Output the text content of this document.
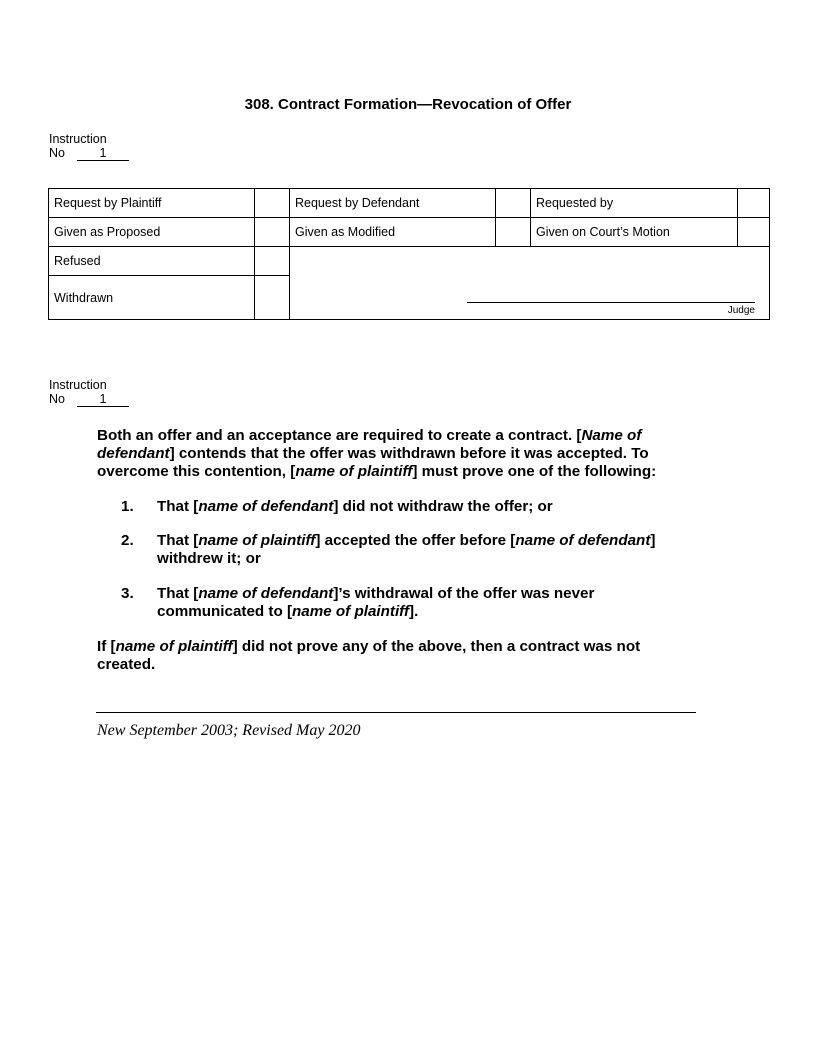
308. Contract Formation—Revocation of Offer
Instruction
No	1
Request by Plaintiff		Request by Defendant		Requested by	
Given as Proposed		Given as Modified		Given on Court’s Motion	
Refused		Judge			

Withdrawn					
Instruction
No	1
Both an offer and an acceptance are required to create a contract. [Name of defendant] contends that the offer was withdrawn before it was accepted. To overcome this contention, [name of plaintiff] must prove one of the following:
1. That [name of defendant] did not withdraw the offer; or
2. That [name of plaintiff] accepted the offer before [name of defendant] withdrew it; or
3. That [name of defendant]’s withdrawal of the offer was never communicated to [name of plaintiff].
If [name of plaintiff] did not prove any of the above, then a contract was not created.
New September 2003; Revised May 2020
